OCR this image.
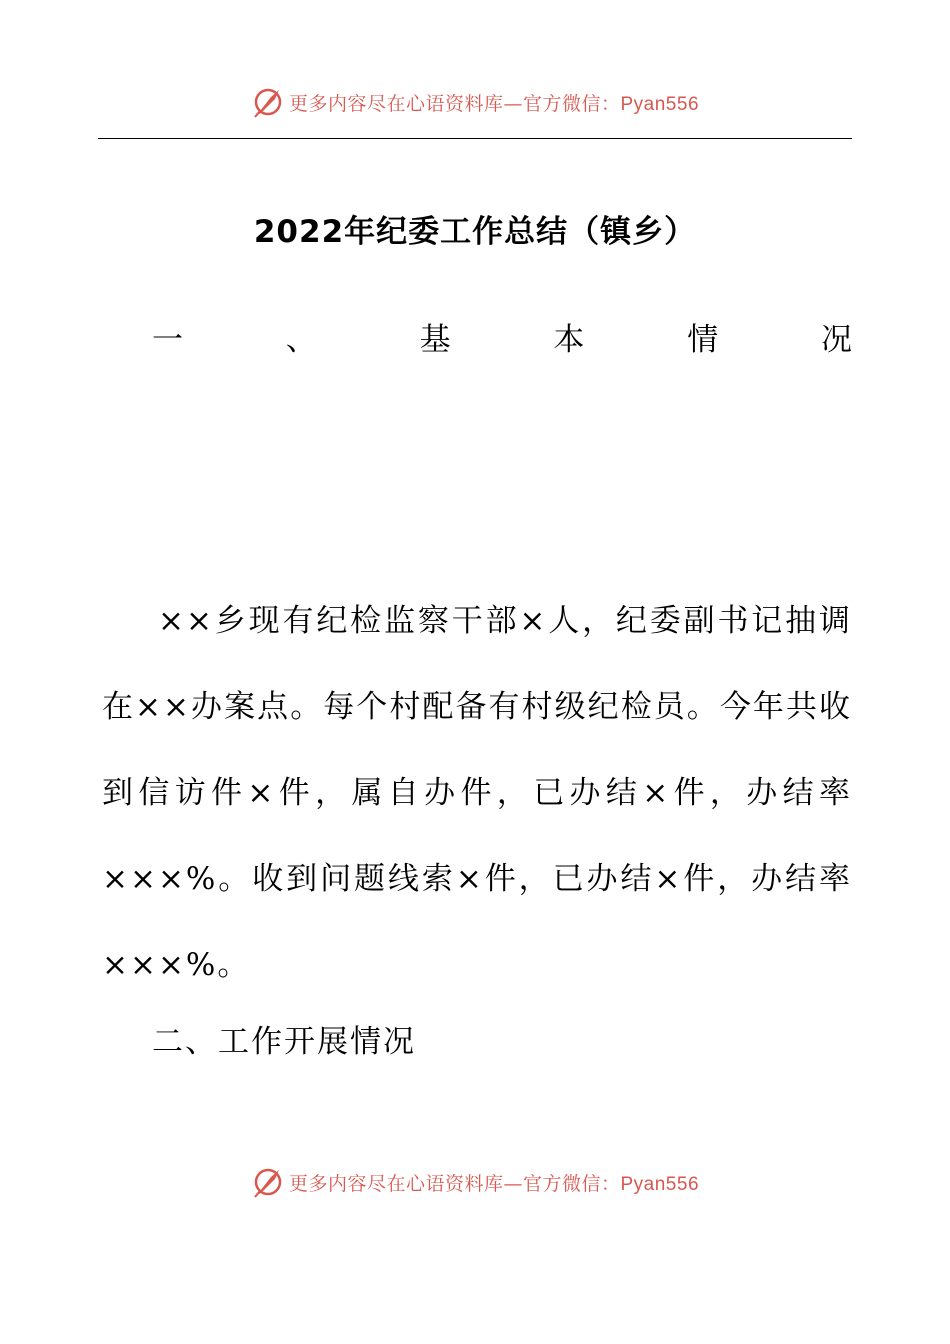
更多内容尽在心语资料库—官方微信：Pyan556
2022年纪委工作总结（镇乡）
一	、	基	本	情	况

××乡现有纪检监察干部×人，纪委副书记抽调在××办案点。每个村配备有村级纪检员。今年共收到信访件×件，属自办件，已办结×件，办结率×××%。收到问题线索×件，已办结×件，办结率×××%。

二、工作开展情况
更多内容尽在心语资料库—官方微信：Pyan556
